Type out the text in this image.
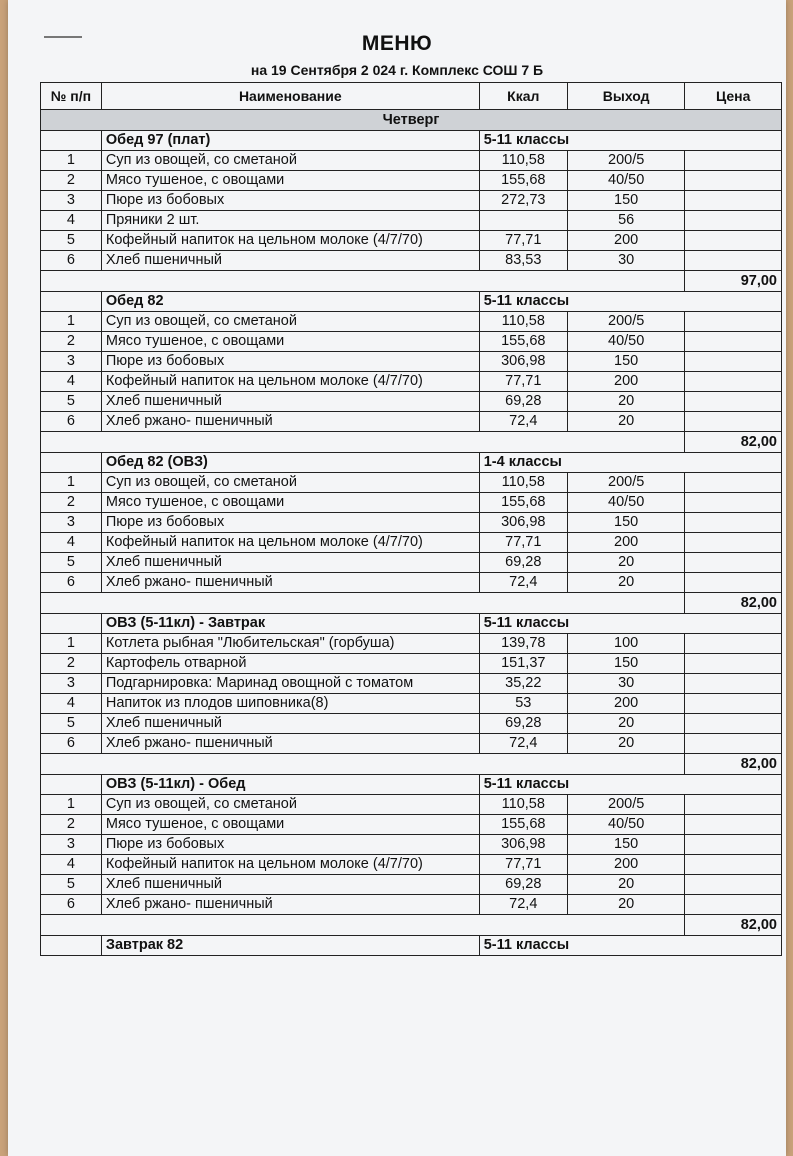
МЕНЮ
на 19 Сентября 2 024 г. Комплекс СОШ 7 Б
№ п/п	Наименование	Ккал	Выход	Цена
Четверг				
	Обед 97 (плат)	5-11 классы		
1	Суп из овощей, со сметаной	110,58	200/5	
2	Мясо тушеное, с овощами	155,68	40/50	
3	Пюре из бобовых	272,73	150	
4	Пряники 2 шт.		56	
5	Кофейный напиток на цельном молоке (4/7/70)	77,71	200	
6	Хлеб пшеничный	83,53	30	
				97,00
	Обед 82	5-11 классы		
1	Суп из овощей, со сметаной	110,58	200/5	
2	Мясо тушеное, с овощами	155,68	40/50	
3	Пюре из бобовых	306,98	150	
4	Кофейный напиток на цельном молоке (4/7/70)	77,71	200	
5	Хлеб пшеничный	69,28	20	
6	Хлеб ржано- пшеничный	72,4	20	
				82,00
	Обед 82 (ОВЗ)	1-4 классы		
1	Суп из овощей, со сметаной	110,58	200/5	
2	Мясо тушеное, с овощами	155,68	40/50	
3	Пюре из бобовых	306,98	150	
4	Кофейный напиток на цельном молоке (4/7/70)	77,71	200	
5	Хлеб пшеничный	69,28	20	
6	Хлеб ржано- пшеничный	72,4	20	
				82,00
	ОВЗ (5-11кл) - Завтрак	5-11 классы		
1	Котлета рыбная "Любительская" (горбуша)	139,78	100	
2	Картофель отварной	151,37	150	
3	Подгарнировка: Маринад овощной с томатом	35,22	30	
4	Напиток из плодов шиповника(8)	53	200	
5	Хлеб пшеничный	69,28	20	
6	Хлеб ржано- пшеничный	72,4	20	
				82,00
	ОВЗ (5-11кл) - Обед	5-11 классы		
1	Суп из овощей, со сметаной	110,58	200/5	
2	Мясо тушеное, с овощами	155,68	40/50	
3	Пюре из бобовых	306,98	150	
4	Кофейный напиток на цельном молоке (4/7/70)	77,71	200	
5	Хлеб пшеничный	69,28	20	
6	Хлеб ржано- пшеничный	72,4	20	
				82,00
	Завтрак 82	5-11 классы		
